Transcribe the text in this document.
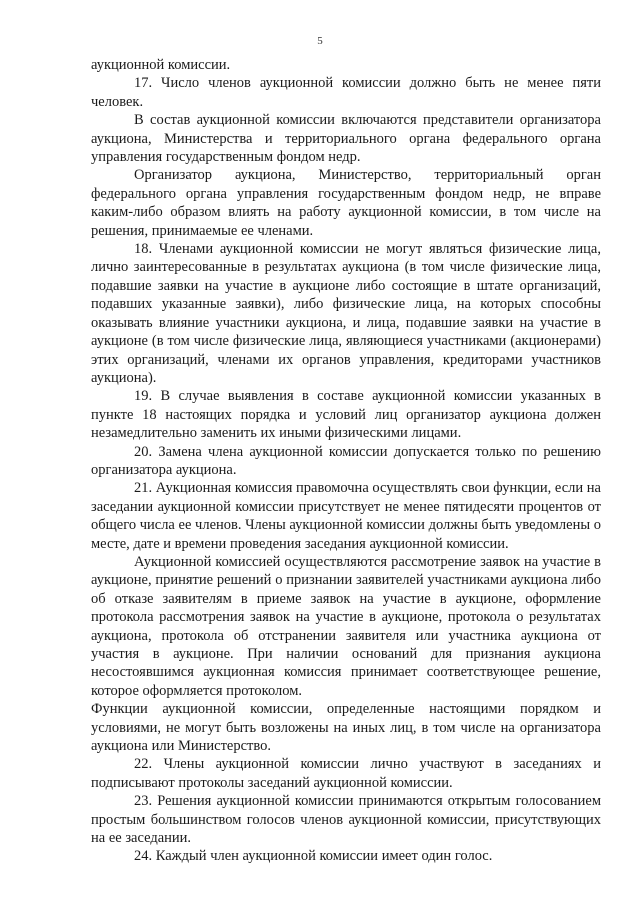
5

аукционной комиссии.

17. Число членов аукционной комиссии должно быть не менее пяти человек.

В состав аукционной комиссии включаются представители организатора аукциона, Министерства и территориального органа федерального органа управления государственным фондом недр.

Организатор аукциона, Министерство, территориальный орган федерального органа управления государственным фондом недр, не вправе каким-либо образом влиять на работу аукционной комиссии, в том числе на решения, принимаемые ее членами.

18. Членами аукционной комиссии не могут являться физические лица, лично заинтересованные в результатах аукциона (в том числе физические лица, подавшие заявки на участие в аукционе либо состоящие в штате организаций, подавших указанные заявки), либо физические лица, на которых способны оказывать влияние участники аукциона, и лица, подавшие заявки на участие в аукционе (в том числе физические лица, являющиеся участниками (акционерами) этих организаций, членами их органов управления, кредиторами участников аукциона).

19. В случае выявления в составе аукционной комиссии указанных в пункте 18 настоящих порядка и условий лиц организатор аукциона должен незамедлительно заменить их иными физическими лицами.

20. Замена члена аукционной комиссии допускается только по решению организатора аукциона.

21. Аукционная комиссия правомочна осуществлять свои функции, если на заседании аукционной комиссии присутствует не менее пятидесяти процентов от общего числа ее членов. Члены аукционной комиссии должны быть уведомлены о месте, дате и времени проведения заседания аукционной комиссии.

Аукционной комиссией осуществляются рассмотрение заявок на участие в аукционе, принятие решений о признании заявителей участниками аукциона либо об отказе заявителям в приеме заявок на участие в аукционе, оформление протокола рассмотрения заявок на участие в аукционе, протокола о результатах аукциона, протокола об отстранении заявителя или участника аукциона от участия в аукционе. При наличии оснований для признания аукциона несостоявшимся аукционная комиссия принимает соответствующее решение, которое оформляется протоколом.

Функции аукционной комиссии, определенные настоящими порядком и условиями, не могут быть возложены на иных лиц, в том числе на организатора аукциона или Министерство.

22. Члены аукционной комиссии лично участвуют в заседаниях и подписывают протоколы заседаний аукционной комиссии.

23. Решения аукционной комиссии принимаются открытым голосованием простым большинством голосов членов аукционной комиссии, присутствующих на ее заседании.

24. Каждый член аукционной комиссии имеет один голос.
